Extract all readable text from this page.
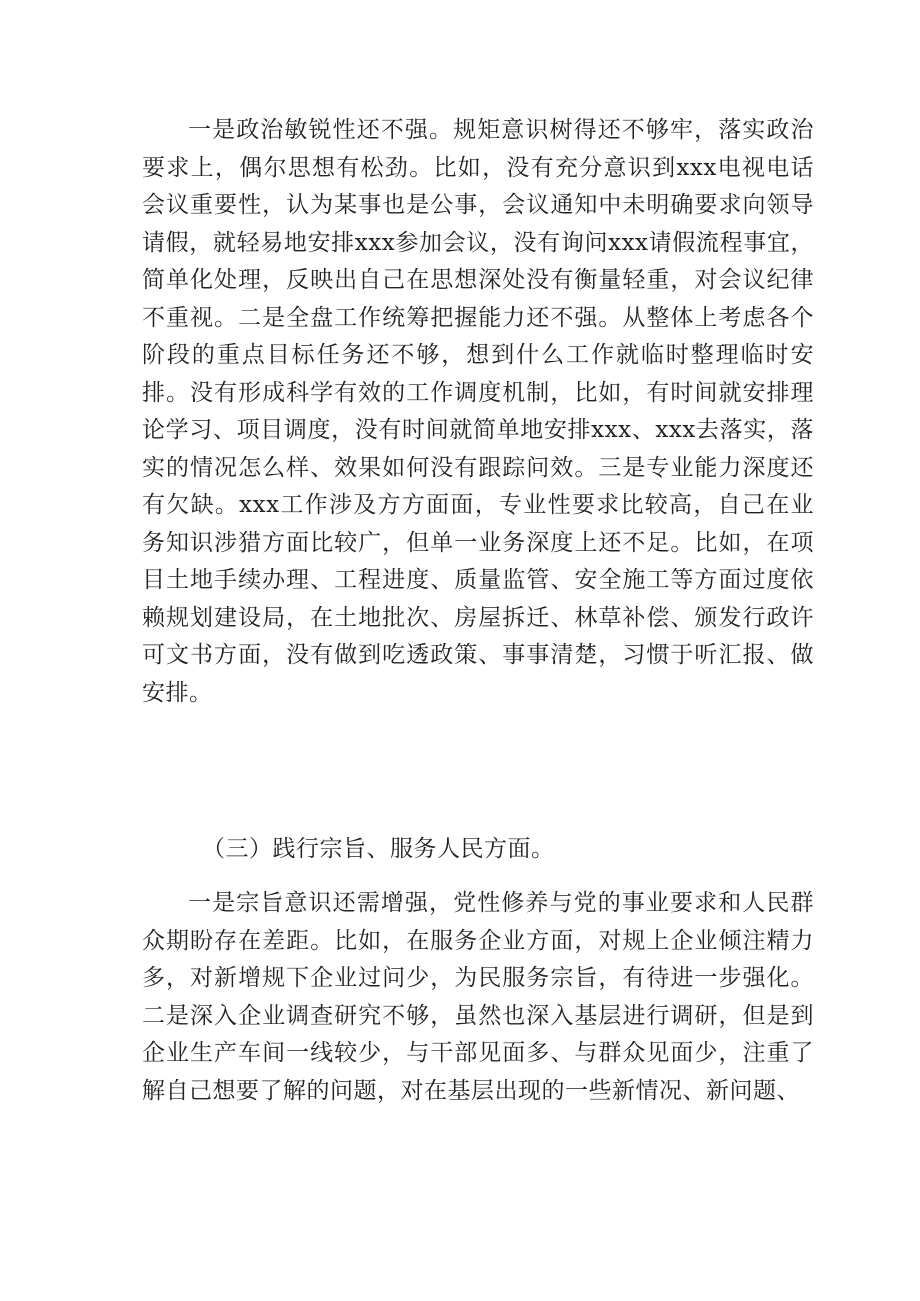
一是政治敏锐性还不强。规矩意识树得还不够牢，落实政治要求上，偶尔思想有松劲。比如，没有充分意识到xxx电视电话会议重要性，认为某事也是公事，会议通知中未明确要求向领导请假，就轻易地安排xxx参加会议，没有询问xxx请假流程事宜，简单化处理，反映出自己在思想深处没有衡量轻重，对会议纪律不重视。二是全盘工作统筹把握能力还不强。从整体上考虑各个阶段的重点目标任务还不够，想到什么工作就临时整理临时安排。没有形成科学有效的工作调度机制，比如，有时间就安排理论学习、项目调度，没有时间就简单地安排xxx、xxx去落实，落实的情况怎么样、效果如何没有跟踪问效。三是专业能力深度还有欠缺。xxx工作涉及方方面面，专业性要求比较高，自己在业务知识涉猎方面比较广，但单一业务深度上还不足。比如，在项目土地手续办理、工程进度、质量监管、安全施工等方面过度依赖规划建设局，在土地批次、房屋拆迁、林草补偿、颁发行政许可文书方面，没有做到吃透政策、事事清楚，习惯于听汇报、做安排。

（三）践行宗旨、服务人民方面。

一是宗旨意识还需增强，党性修养与党的事业要求和人民群众期盼存在差距。比如，在服务企业方面，对规上企业倾注精力多，对新增规下企业过问少，为民服务宗旨，有待进一步强化。二是深入企业调查研究不够，虽然也深入基层进行调研，但是到企业生产车间一线较少，与干部见面多、与群众见面少，注重了解自己想要了解的问题，对在基层出现的一些新情况、新问题、
